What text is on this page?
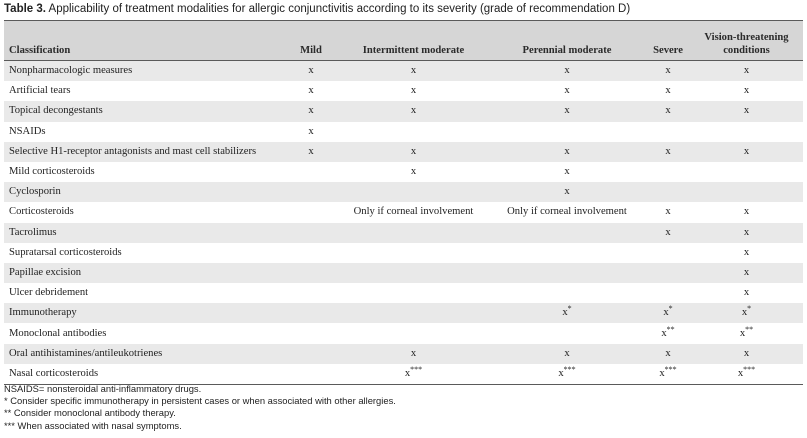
Table 3. Applicability of treatment modalities for allergic conjunctivitis according to its severity (grade of recommendation D)
Classification	Mild	Intermittent moderate	Perennial moderate	Severe	Vision-threatening
conditions
Nonpharmacologic measures	x	x	x	x	x
Artificial tears	x	x	x	x	x
Topical decongestants	x	x	x	x	x
NSAIDs	x				
Selective H1-receptor antagonists and mast cell stabilizers	x	x	x	x	x
Mild corticosteroids		x	x		
Cyclosporin			x		
Corticosteroids		Only if corneal involvement	Only if corneal involvement	x	x
Tacrolimus				x	x
Supratarsal corticosteroids					x
Papillae excision					x
Ulcer debridement					x
Immunotherapy			x*	x*	x*
Monoclonal antibodies				x**	x**
Oral antihistamines/antileukotrienes		x	x	x	x
Nasal corticosteroids		x***	x***	x***	x***
NSAIDS= nonsteroidal anti-inflammatory drugs.
* Consider specific immunotherapy in persistent cases or when associated with other allergies.
** Consider monoclonal antibody therapy.
*** When associated with nasal symptoms.
